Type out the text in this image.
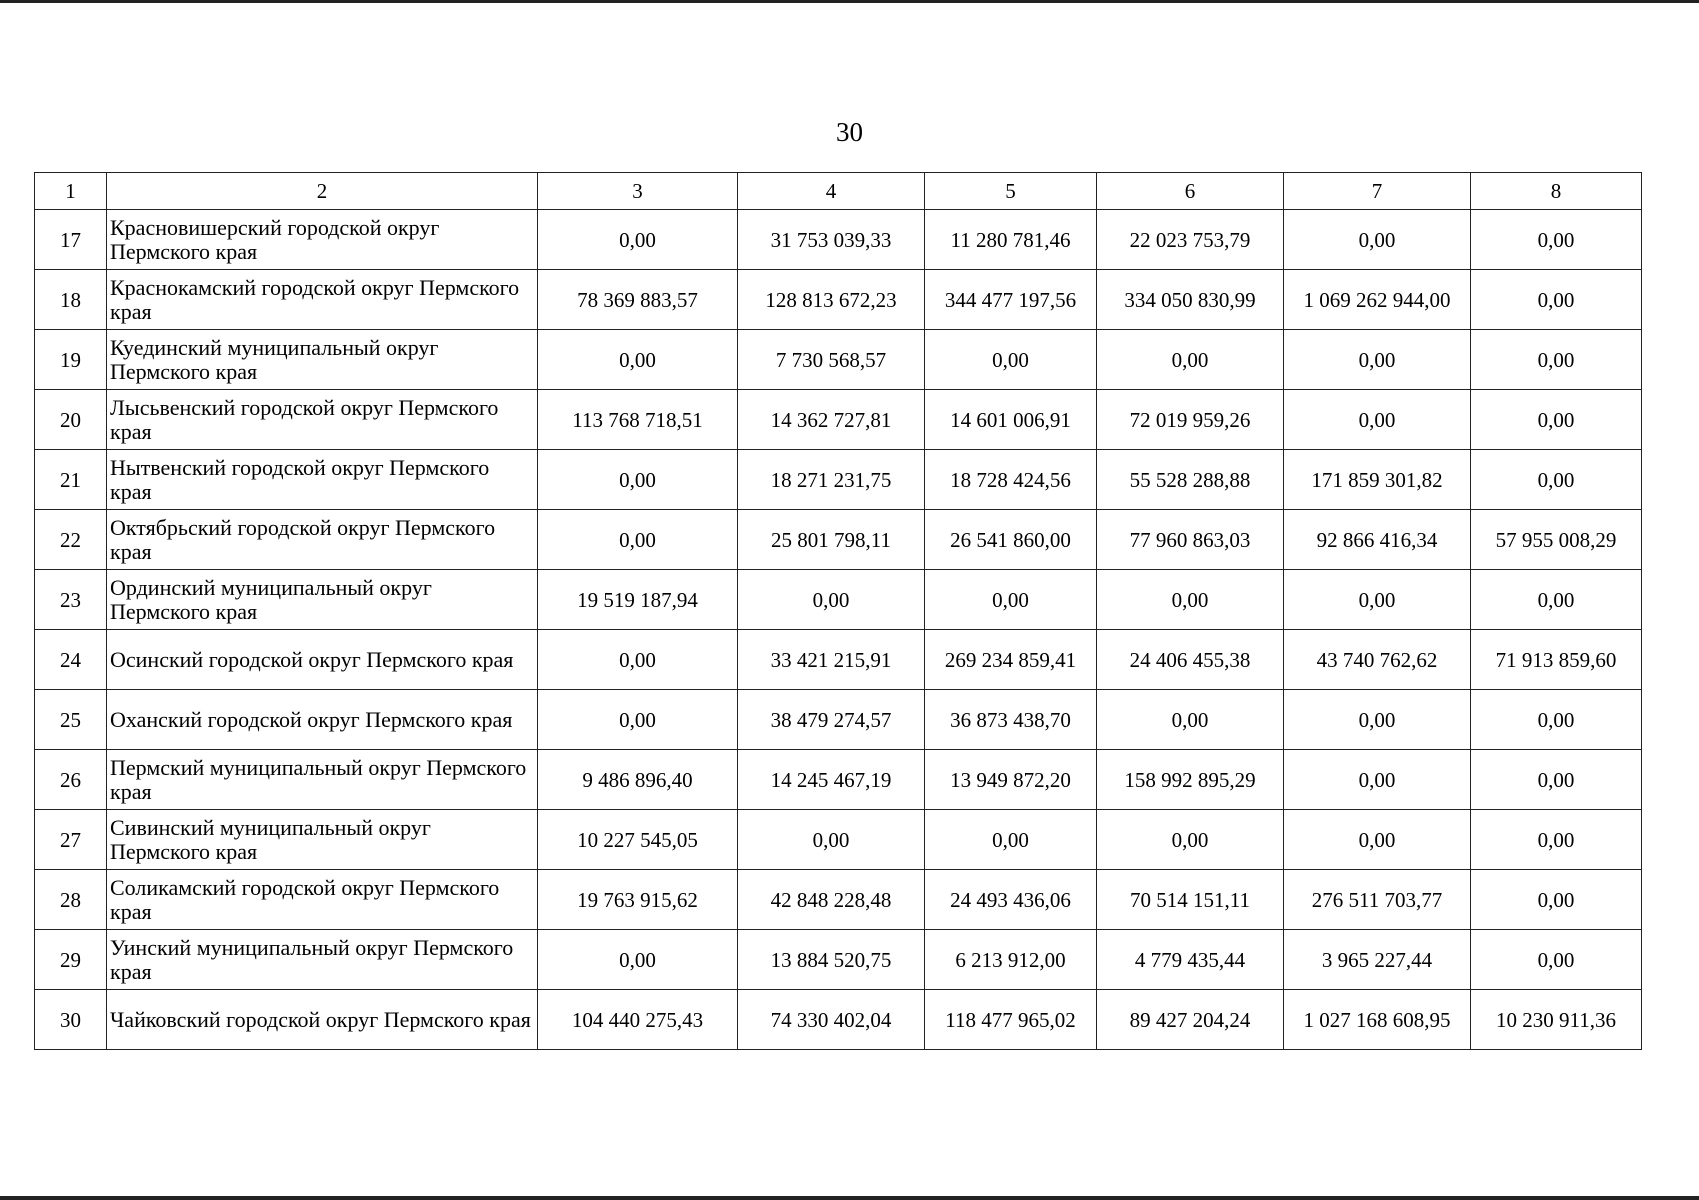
30
1	2	3	4	5	6	7	8
17	Красновишерский городской округ Пермского края	0,00	31 753 039,33	11 280 781,46	22 023 753,79	0,00	0,00
18	Краснокамский городской округ Пермского края	78 369 883,57	128 813 672,23	344 477 197,56	334 050 830,99	1 069 262 944,00	0,00
19	Куединский муниципальный округ Пермского края	0,00	7 730 568,57	0,00	0,00	0,00	0,00
20	Лысьвенский городской округ Пермского края	113 768 718,51	14 362 727,81	14 601 006,91	72 019 959,26	0,00	0,00
21	Нытвенский городской округ Пермского края	0,00	18 271 231,75	18 728 424,56	55 528 288,88	171 859 301,82	0,00
22	Октябрьский городской округ Пермского края	0,00	25 801 798,11	26 541 860,00	77 960 863,03	92 866 416,34	57 955 008,29
23	Ординский муниципальный округ Пермского края	19 519 187,94	0,00	0,00	0,00	0,00	0,00
24	Осинский городской округ Пермского края	0,00	33 421 215,91	269 234 859,41	24 406 455,38	43 740 762,62	71 913 859,60
25	Оханский городской округ Пермского края	0,00	38 479 274,57	36 873 438,70	0,00	0,00	0,00
26	Пермский муниципальный округ Пермского края	9 486 896,40	14 245 467,19	13 949 872,20	158 992 895,29	0,00	0,00
27	Сивинский муниципальный округ Пермского края	10 227 545,05	0,00	0,00	0,00	0,00	0,00
28	Соликамский городской округ Пермского края	19 763 915,62	42 848 228,48	24 493 436,06	70 514 151,11	276 511 703,77	0,00
29	Уинский муниципальный округ Пермского края	0,00	13 884 520,75	6 213 912,00	4 779 435,44	3 965 227,44	0,00
30	Чайковский городской округ Пермского края	104 440 275,43	74 330 402,04	118 477 965,02	89 427 204,24	1 027 168 608,95	10 230 911,36
